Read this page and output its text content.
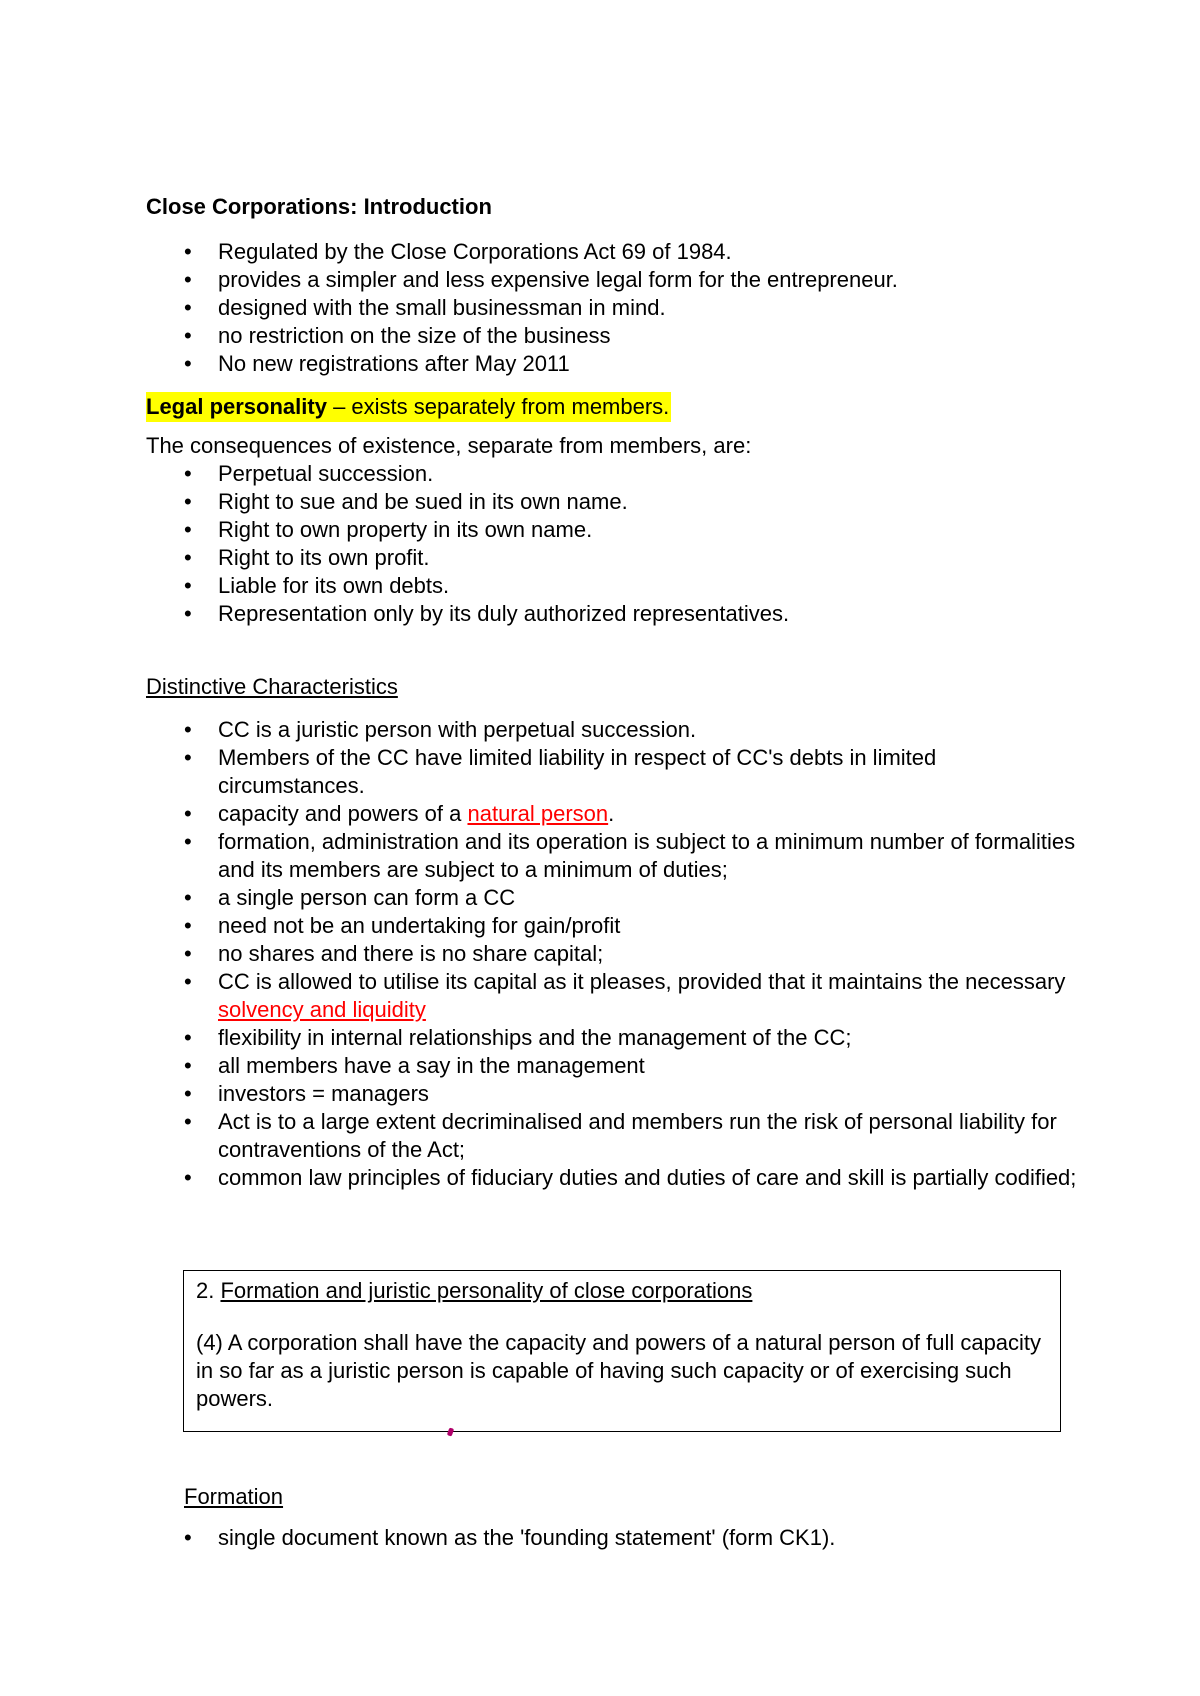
Close Corporations: Introduction
• Regulated by the Close Corporations Act 69 of 1984.
• provides a simpler and less expensive legal form for the entrepreneur.
• designed with the small businessman in mind.
• no restriction on the size of the business
• No new registrations after May 2011
Legal personality – exists separately from members.
The consequences of existence, separate from members, are:
• Perpetual succession.
• Right to sue and be sued in its own name.
• Right to own property in its own name.
• Right to its own profit.
• Liable for its own debts.
• Representation only by its duly authorized representatives.
Distinctive Characteristics
• CC is a juristic person with perpetual succession.
• Members of the CC have limited liability in respect of CC's debts in limited circumstances.
• capacity and powers of a natural person.
• formation, administration and its operation is subject to a minimum number of formalities and its members are subject to a minimum of duties;
• a single person can form a CC
• need not be an undertaking for gain/profit
• no shares and there is no share capital;
• CC is allowed to utilise its capital as it pleases, provided that it maintains the necessary solvency and liquidity
• flexibility in internal relationships and the management of the CC;
• all members have a say in the management
• investors = managers
• Act is to a large extent decriminalised and members run the risk of personal liability for contraventions of the Act;
• common law principles of fiduciary duties and duties of care and skill is partially codified;
2. Formation and juristic personality of close corporations
(4) A corporation shall have the capacity and powers of a natural person of full capacity in so far as a juristic person is capable of having such capacity or of exercising such powers.
Formation
• single document known as the 'founding statement' (form CK1).
